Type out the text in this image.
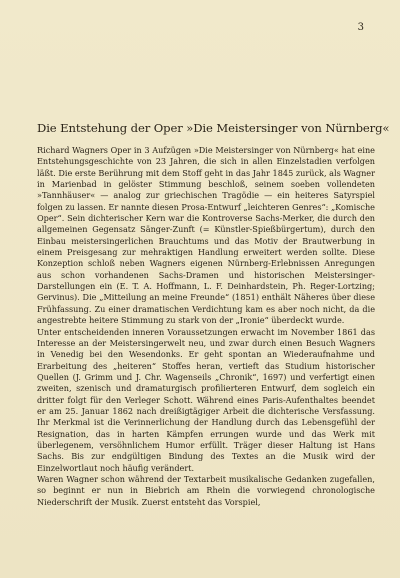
3
Die Entstehung der Oper »Die Meistersinger von Nürnberg«

Richard Wagners Oper in 3 Aufzügen »Die Meistersinger von Nürnberg« hat eine Entstehungsgeschichte von 23 Jahren, die sich in allen Einzelstadien verfolgen läßt. Die erste Berührung mit dem Stoff geht in das Jahr 1845 zurück, als Wagner in Marienbad in gelöster Stimmung beschloß, seinem soeben vollendeten »Tannhäuser« — analog zur griechischen Tragödie — ein heiteres Satyrspiel folgen zu lassen. Er nannte diesen Prosa-Entwurf „leichteren Genres“: „Komische Oper“. Sein dichterischer Kern war die Kontroverse Sachs-Merker, die durch den allgemeinen Gegensatz Sänger-Zunft (= Künstler-Spießbürgertum), durch den Einbau meistersingerlichen Brauchtums und das Motiv der Brautwerbung in einem Preisgesang zur mehraktigen Handlung erweitert werden sollte. Diese Konzeption schloß neben Wagners eigenen Nürnberg-Erlebnissen Anregungen aus schon vorhandenen Sachs-Dramen und historischen Meistersinger-Darstellungen ein (E. T. A. Hoffmann, L. F. Deinhardstein, Ph. Reger-Lortzing; Gervinus). Die „Mitteilung an meine Freunde“ (1851) enthält Näheres über diese Frühfassung. Zu einer dramatischen Verdichtung kam es aber noch nicht, da die angestrebte heitere Stimmung zu stark von der „Ironie“ überdeckt wurde.

Unter entscheidenden inneren Voraussetzungen erwacht im November 1861 das Interesse an der Meistersingerwelt neu, und zwar durch einen Besuch Wagners in Venedig bei den Wesendonks. Er geht spontan an Wiederaufnahme und Erarbeitung des „heiteren“ Stoffes heran, vertieft das Studium historischer Quellen (J. Grimm und J. Chr. Wagenseils „Chronik“, 1697) und verfertigt einen zweiten, szenisch und dramaturgisch profilierteren Entwurf, dem sogleich ein dritter folgt für den Verleger Schott. Während eines Paris-Aufenthaltes beendet er am 25. Januar 1862 nach dreißigtägiger Arbeit die dichterische Versfassung. Ihr Merkmal ist die Verinnerlichung der Handlung durch das Lebensgefühl der Resignation, das in harten Kämpfen errungen wurde und das Werk mit überlegenem, versöhnlichem Humor erfüllt. Träger dieser Haltung ist Hans Sachs. Bis zur endgültigen Bindung des Textes an die Musik wird der Einzelwortlaut noch häufig verändert.

Waren Wagner schon während der Textarbeit musikalische Gedanken zugefallen, so beginnt er nun in Biebrich am Rhein die vorwiegend chronologische Niederschrift der Musik. Zuerst entsteht das Vorspiel,
